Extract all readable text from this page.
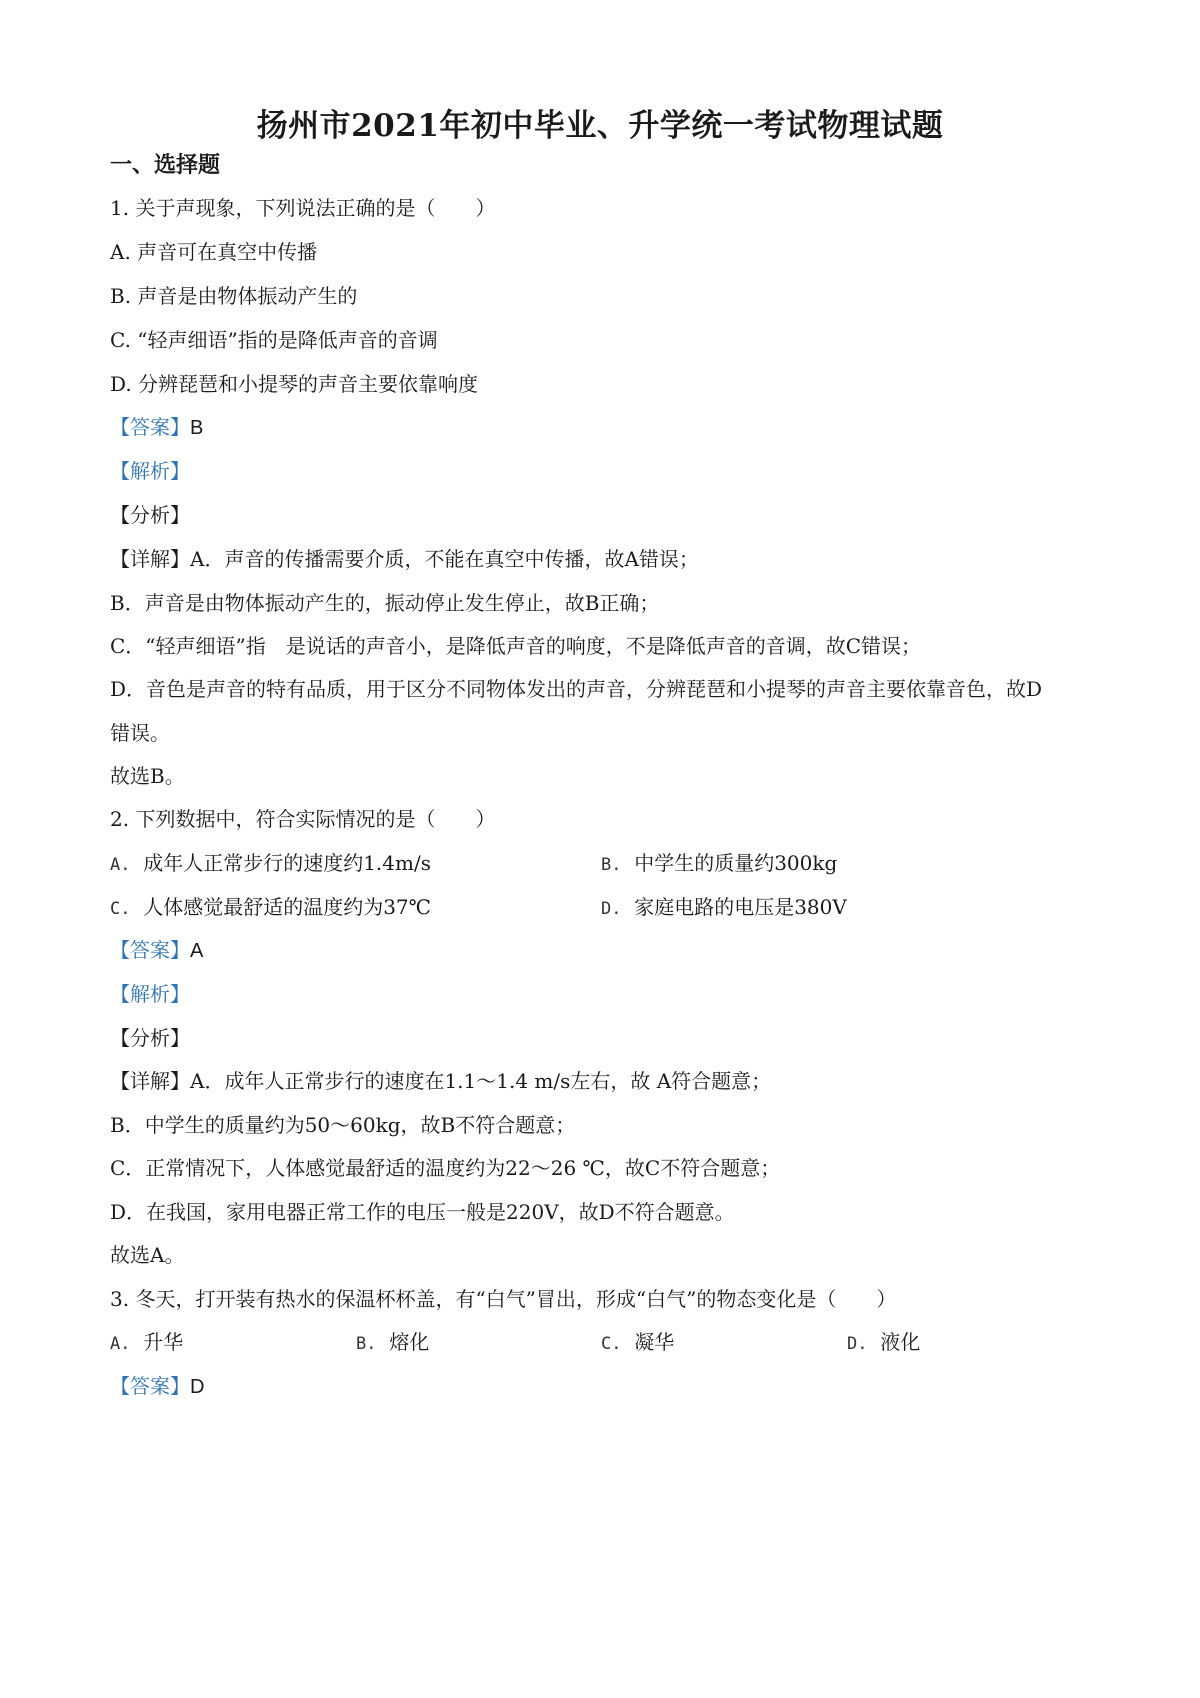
扬州市2021年初中毕业、升学统一考试物理试题
一、选择题
1. 关于声现象，下列说法正确的是（　　）
A. 声音可在真空中传播
B. 声音是由物体振动产生的
C. “轻声细语”指的是降低声音的音调
D. 分辨琵琶和小提琴的声音主要依靠响度
【答案】B
【解析】
【分析】
【详解】A．声音的传播需要介质，不能在真空中传播，故A错误；
B．声音是由物体振动产生的，振动停止发生停止，故B正确；
C．“轻声细语”指　是说话的声音小，是降低声音的响度，不是降低声音的音调，故C错误；
D．音色是声音的特有品质，用于区分不同物体发出的声音，分辨琵琶和小提琴的声音主要依靠音色，故D
错误。
故选B。
2. 下列数据中，符合实际情况的是（　　）
A. 成年人正常步行的速度约1.4m/s	B. 中学生的质量约300kg
C. 人体感觉最舒适的温度约为37℃	D. 家庭电路的电压是380V
【答案】A
【解析】
【分析】
【详解】A．成年人正常步行的速度在1.1～1.4 m/s左右，故 A符合题意；
B．中学生的质量约为50～60kg，故B不符合题意；
C．正常情况下，人体感觉最舒适的温度约为22～26 ℃，故C不符合题意；
D．在我国，家用电器正常工作的电压一般是220V，故D不符合题意。
故选A。
3. 冬天，打开装有热水的保温杯杯盖，有“白气”冒出，形成“白气”的物态变化是（　　）
A. 升华	B. 熔化	C. 凝华	D. 液化
【答案】D
